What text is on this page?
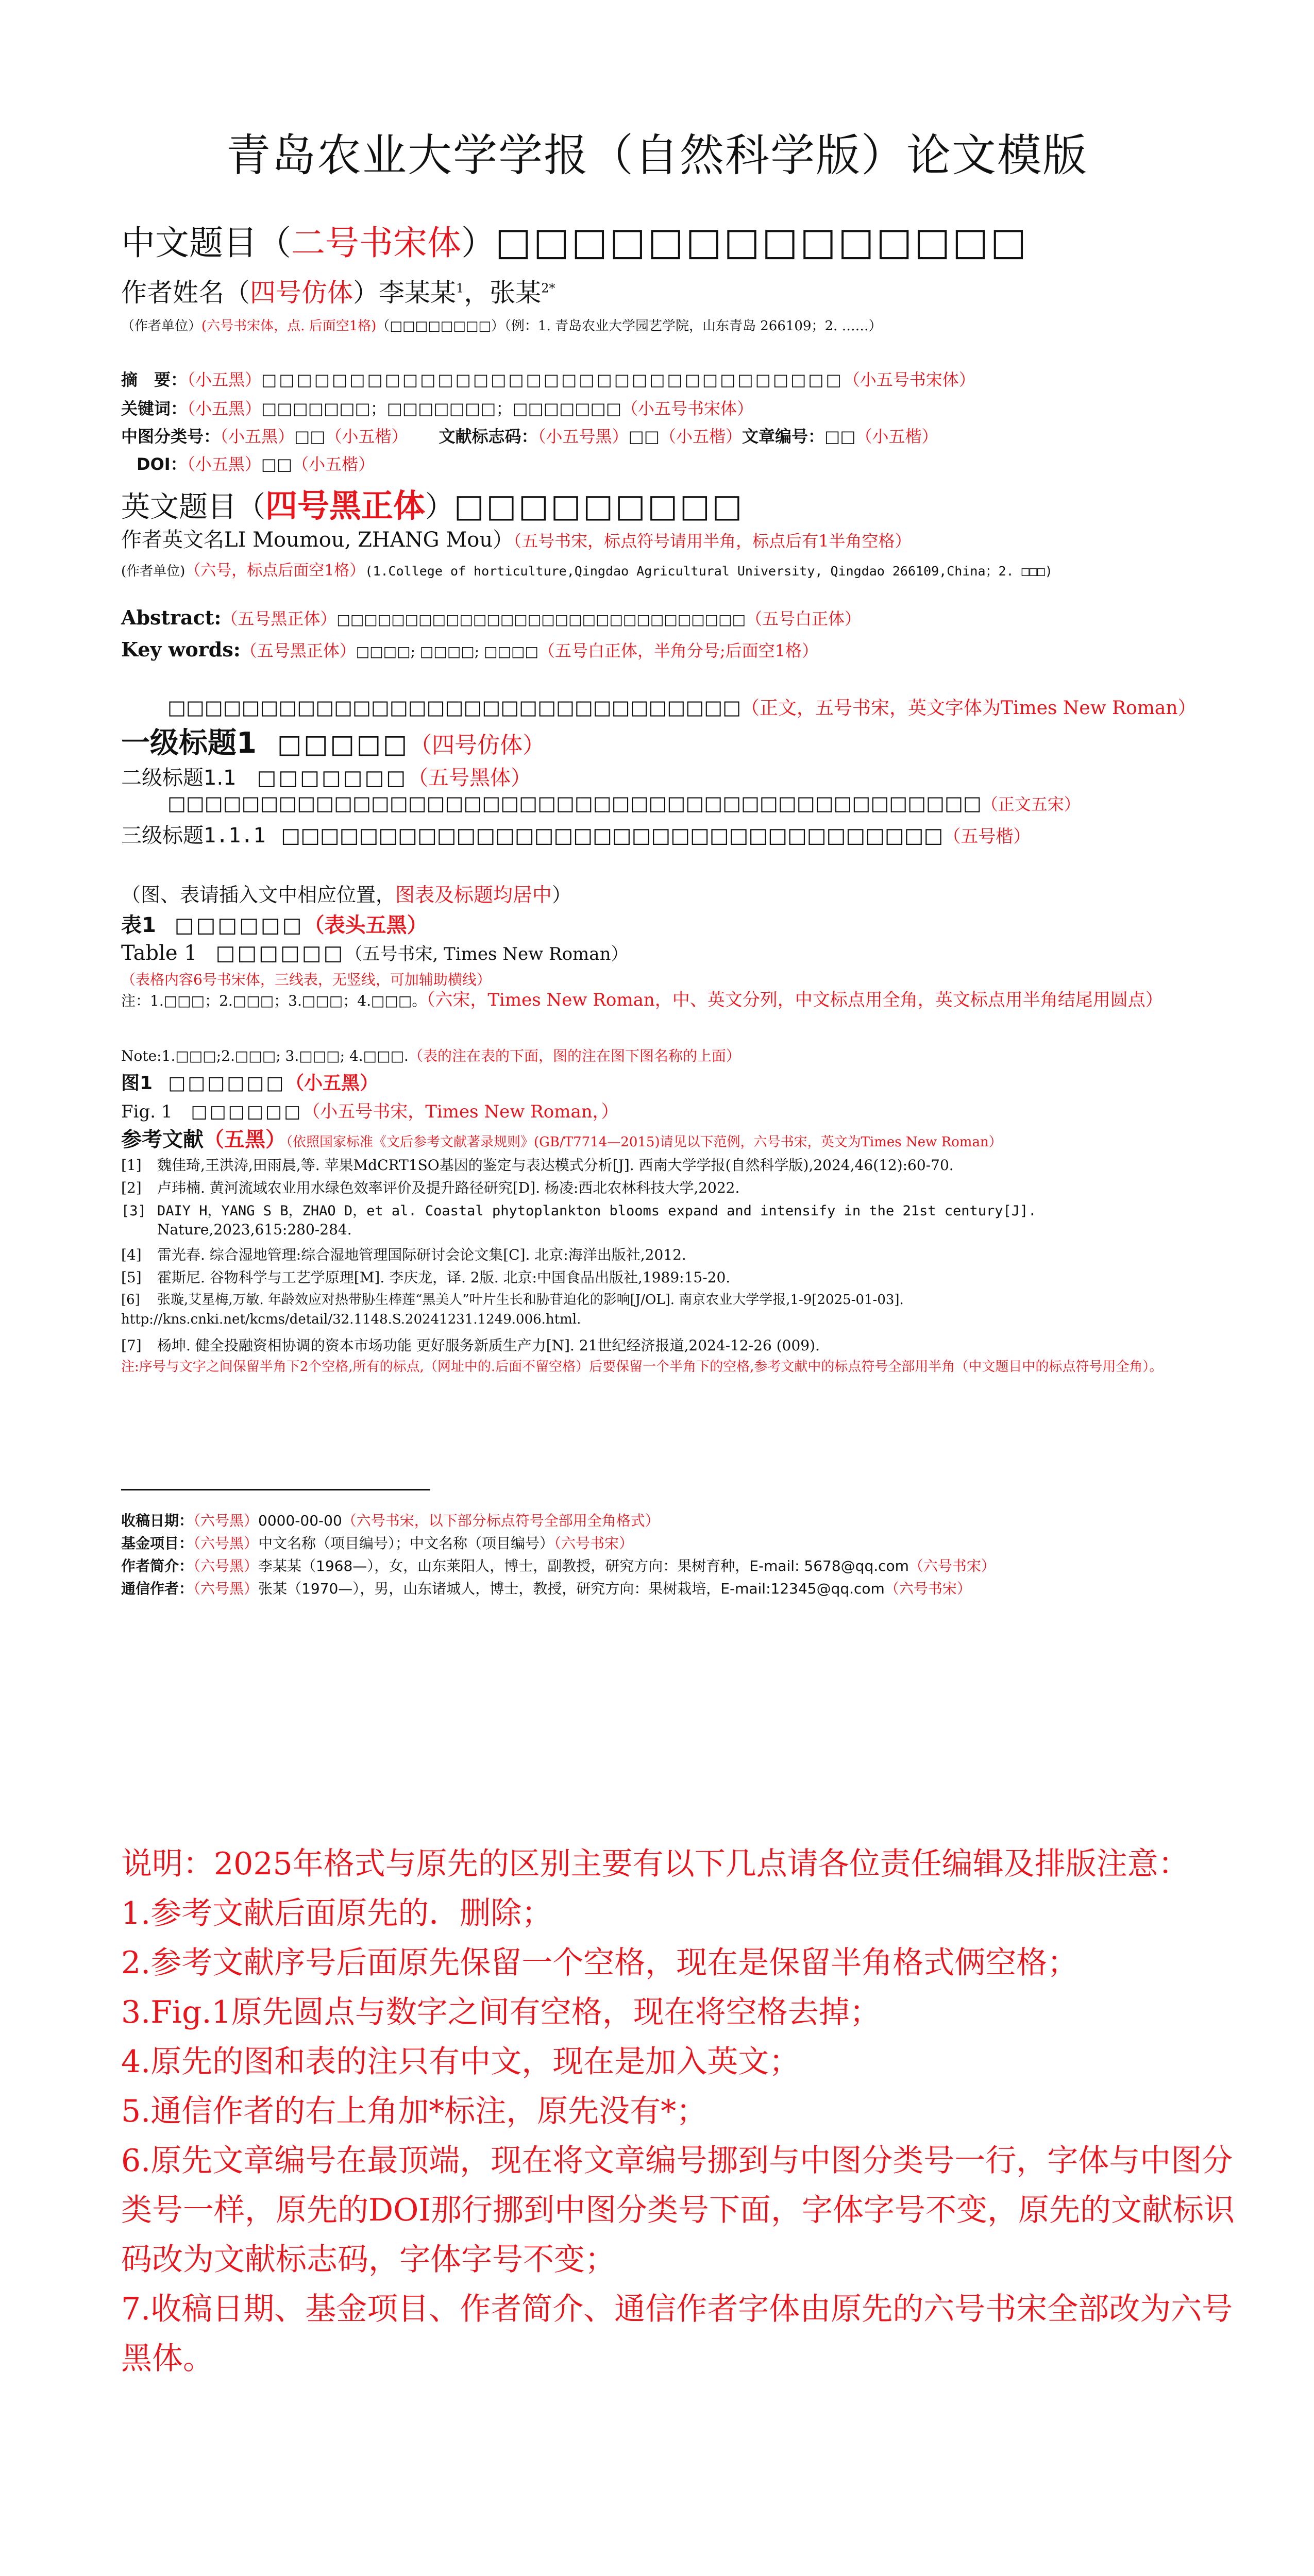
青岛农业大学学报（自然科学版）论文模版
中文题目（二号书宋体）□□□□□□□□□□□□□□
作者姓名（四号仿体）李某某$^1$，张某$^{2*}$
（作者单位）(六号书宋体，点. 后面空1格)（□□□□□□□□）（例：1. 青岛农业大学园艺学院，山东青岛 266109；2. ……）
摘　要：（小五黑）□□□□□□□□□□□□□□□□□□□□□□□□□□□□□□□□□（小五号书宋体）
关键词：（小五黑）□□□□□□□；□□□□□□□；□□□□□□□（小五号书宋体）
中图分类号：（小五黑）□□（小五楷） 文献标志码：（小五号黑）□□（小五楷）文章编号：□□（小五楷）
DOI：（小五黑）□□（小五楷）
英文题目（四号黑正体）□□□□□□□□□
作者英文名LI Moumou, ZHANG Mou）（五号书宋，标点符号请用半角，标点后有1半角空格）
(作者单位)（六号，标点后面空1格）(1.College of horticulture,Qingdao Agricultural University, Qingdao 266109,China；2. □□□)
Abstract:（五号黑正体）□□□□□□□□□□□□□□□□□□□□□□□□□□□□□□（五号白正体）
Key words:（五号黑正体）□□□□; □□□□; □□□□（五号白正体，半角分号;后面空1格）
□□□□□□□□□□□□□□□□□□□□□□□□□□□□□□□（正文，五号书宋，英文字体为Times New Roman）
一级标题1 □□□□□（四号仿体）
二级标题1.1 □□□□□□□（五号黑体）
□□□□□□□□□□□□□□□□□□□□□□□□□□□□□□□□□□□□□□□□□□□□（正文五宋）
三级标题1.1.1 □□□□□□□□□□□□□□□□□□□□□□□□□□□□□□□□□□（五号楷）
（图、表请插入文中相应位置，图表及标题均居中）
表1 □□□□□□（表头五黑）
Table 1 □□□□□□（五号书宋, Times New Roman）
（表格内容6号书宋体，三线表，无竖线，可加辅助横线）
注：1.□□□；2.□□□；3.□□□；4.□□□。（六宋，Times New Roman，中、英文分列，中文标点用全角，英文标点用半角结尾用圆点）
Note:1.□□□;2.□□□; 3.□□□; 4.□□□.（表的注在表的下面，图的注在图下图名称的上面）
图1 □□□□□□（小五黑）
Fig. 1 □□□□□□（小五号书宋，Times New Roman，）
参考文献（五黑）（依照国家标准《文后参考文献著录规则》(GB/T7714—2015)请见以下范例，六号书宋，英文为Times New Roman）
[1] 魏佳琦,王洪涛,田雨晨,等. 苹果MdCRT1SO基因的鉴定与表达模式分析[J]. 西南大学学报(自然科学版),2024,46(12):60-70.
[2] 卢玮楠. 黄河流域农业用水绿色效率评价及提升路径研究[D]. 杨凌:西北农林科技大学,2022.
[3] DAIY H，YANG S B，ZHAO D，et al. Coastal phytoplankton blooms expand and intensify in the 21st century[J].
Nature,2023,615:280-284.
[4] 雷光春. 综合湿地管理:综合湿地管理国际研讨会论文集[C]. 北京:海洋出版社,2012.
[5] 霍斯尼. 谷物科学与工艺学原理[M]. 李庆龙，译. 2版. 北京:中国食品出版社,1989:15-20.
[6] 张璇,艾星梅,万敏. 年龄效应对热带胁生棒莲“黑美人”叶片生长和胁苷迫化的影响[J/OL]. 南京农业大学学报,1-9[2025-01-03].
http://kns.cnki.net/kcms/detail/32.1148.S.20241231.1249.006.html.
[7] 杨坤. 健全投融资相协调的资本市场功能 更好服务新质生产力[N]. 21世纪经济报道,2024-12-26 (009).
注:序号与文字之间保留半角下2个空格,所有的标点,（网址中的.后面不留空格）后要保留一个半角下的空格,参考文献中的标点符号全部用半角（中文题目中的标点符号用全角）。
收稿日期：（六号黑）0000-00-00（六号书宋，以下部分标点符号全部用全角格式）
基金项目：（六号黑）中文名称（项目编号）；中文名称（项目编号）（六号书宋）
作者简介：（六号黑）李某某（1968—），女，山东莱阳人，博士，副教授，研究方向：果树育种，E-mail: 5678@qq.com（六号书宋）
通信作者：（六号黑）张某（1970—），男，山东诸城人，博士，教授，研究方向：果树栽培，E-mail:12345@qq.com（六号书宋）
说明：2025年格式与原先的区别主要有以下几点请各位责任编辑及排版注意：
1.参考文献后面原先的．删除；
2.参考文献序号后面原先保留一个空格，现在是保留半角格式俩空格；
3.Fig.1原先圆点与数字之间有空格，现在将空格去掉；
4.原先的图和表的注只有中文，现在是加入英文；
5.通信作者的右上角加*标注，原先没有*；
6.原先文章编号在最顶端，现在将文章编号挪到与中图分类号一行，字体与中图分类号一样，原先的DOI那行挪到中图分类号下面，字体字号不变，原先的文献标识码改为文献标志码，字体字号不变；
7.收稿日期、基金项目、作者简介、通信作者字体由原先的六号书宋全部改为六号黑体。
